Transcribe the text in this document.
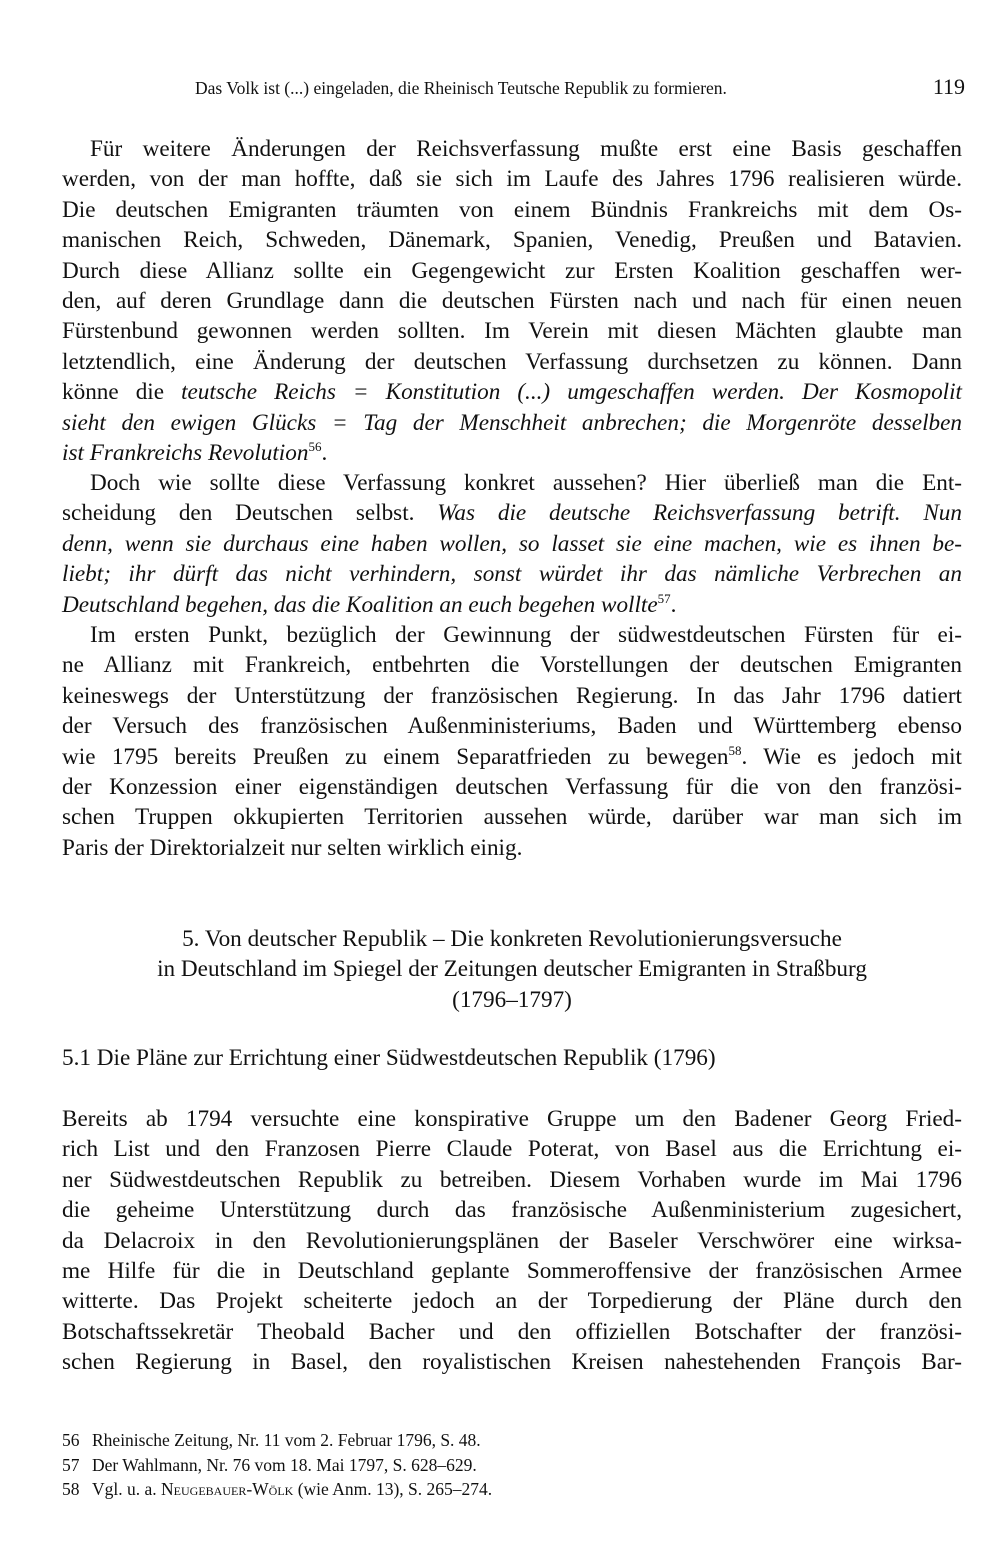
Das Volk ist (...) eingeladen, die Rheinisch Teutsche Republik zu formieren.	119
Für weitere Änderungen der Reichsverfassung mußte erst eine Basis geschaffen
werden, von der man hoffte, daß sie sich im Laufe des Jahres 1796 realisieren würde.
Die deutschen Emigranten träumten von einem Bündnis Frankreichs mit dem Os-
manischen Reich, Schweden, Dänemark, Spanien, Venedig, Preußen und Batavien.
Durch diese Allianz sollte ein Gegengewicht zur Ersten Koalition geschaffen wer-
den, auf deren Grundlage dann die deutschen Fürsten nach und nach für einen neuen
Fürstenbund gewonnen werden sollten. Im Verein mit diesen Mächten glaubte man
letztendlich, eine Änderung der deutschen Verfassung durchsetzen zu können. Dann
könne die teutsche Reichs = Konstitution (...) umgeschaffen werden. Der Kosmopolit
sieht den ewigen Glücks = Tag der Menschheit anbrechen; die Morgenröte desselben
ist Frankreichs Revolution$^{56}$.
Doch wie sollte diese Verfassung konkret aussehen? Hier überließ man die Ent-
scheidung den Deutschen selbst. Was die deutsche Reichsverfassung betrift. Nun
denn, wenn sie durchaus eine haben wollen, so lasset sie eine machen, wie es ihnen be-
liebt; ihr dürft das nicht verhindern, sonst würdet ihr das nämliche Verbrechen an
Deutschland begehen, das die Koalition an euch begehen wollte$^{57}$.
Im ersten Punkt, bezüglich der Gewinnung der südwestdeutschen Fürsten für ei-
ne Allianz mit Frankreich, entbehrten die Vorstellungen der deutschen Emigranten
keineswegs der Unterstützung der französischen Regierung. In das Jahr 1796 datiert
der Versuch des französischen Außenministeriums, Baden und Württemberg ebenso
wie 1795 bereits Preußen zu einem Separatfrieden zu bewegen$^{58}$. Wie es jedoch mit
der Konzession einer eigenständigen deutschen Verfassung für die von den französi-
schen Truppen okkupierten Territorien aussehen würde, darüber war man sich im
Paris der Direktorialzeit nur selten wirklich einig.
5. Von deutscher Republik – Die konkreten Revolutionierungsversuche
in Deutschland im Spiegel der Zeitungen deutscher Emigranten in Straßburg
(1796–1797)
5.1 Die Pläne zur Errichtung einer Südwestdeutschen Republik (1796)
Bereits ab 1794 versuchte eine konspirative Gruppe um den Badener Georg Fried-
rich List und den Franzosen Pierre Claude Poterat, von Basel aus die Errichtung ei-
ner Südwestdeutschen Republik zu betreiben. Diesem Vorhaben wurde im Mai 1796
die geheime Unterstützung durch das französische Außenministerium zugesichert,
da Delacroix in den Revolutionierungsplänen der Baseler Verschwörer eine wirksa-
me Hilfe für die in Deutschland geplante Sommeroffensive der französischen Armee
witterte. Das Projekt scheiterte jedoch an der Torpedierung der Pläne durch den
Botschaftssekretär Theobald Bacher und den offiziellen Botschafter der französi-
schen Regierung in Basel, den royalistischen Kreisen nahestehenden François Bar-
56 Rheinische Zeitung, Nr. 11 vom 2. Februar 1796, S. 48.
57 Der Wahlmann, Nr. 76 vom 18. Mai 1797, S. 628–629.
58 Vgl. u. a. Neugebauer-Wölk (wie Anm. 13), S. 265–274.
